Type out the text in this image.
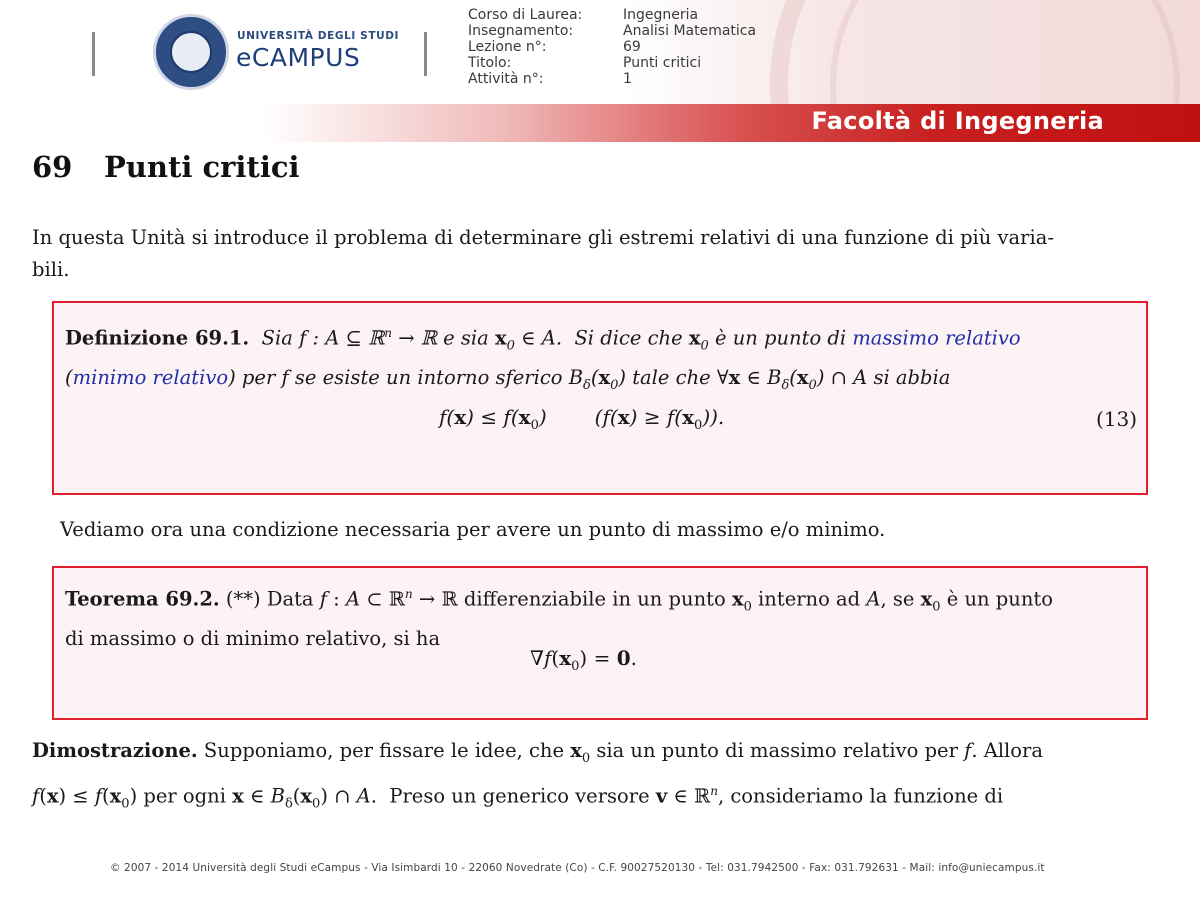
UNIVERSITÀ DEGLI STUDI
eCAMPUS
Corso di Laurea:	Ingegneria
Insegnamento:	Analisi Matematica
Lezione n°:	69
Titolo:	Punti critici
Attività n°:	1
Facoltà di Ingegneria
69 Punti critici
In questa Unità si introduce il problema di determinare gli estremi relativi di una funzione di più varia-
bili.
Definizione 69.1.  Sia f : A ⊆ ℝ$^n$ → ℝ e sia $x_0$ ∈ A.  Si dice che $x_0$ è un punto di massimo relativo
(minimo relativo) per f se esiste un intorno sferico $B_\delta(x_0)$ tale che ∀x ∈ $B_\delta(x_0)$ ∩ A si abbia
$f(x) \le f(x_0) (f(x) \ge f(x_0))$.	(13)
Vediamo ora una condizione necessaria per avere un punto di massimo e/o minimo.
Teorema 69.2. (**) Data f : A ⊂ ℝ$^n$ → ℝ differenziabile in un punto $x_0$ interno ad A, se $x_0$ è un punto
di massimo o di minimo relativo, si ha
$\nabla f(x_0) = 0$.
Dimostrazione. Supponiamo, per fissare le idee, che $x_0$ sia un punto di massimo relativo per f. Allora
$f(x) \le f(x_0)$ per ogni x ∈ $B_\delta(x_0)$ ∩ A.  Preso un generico versore v ∈ ℝ$^n$, consideriamo la funzione di
© 2007 - 2014 Università degli Studi eCampus - Via Isimbardi 10 - 22060 Novedrate (Co) - C.F. 90027520130 - Tel: 031.7942500 - Fax: 031.792631 - Mail: info@uniecampus.it
